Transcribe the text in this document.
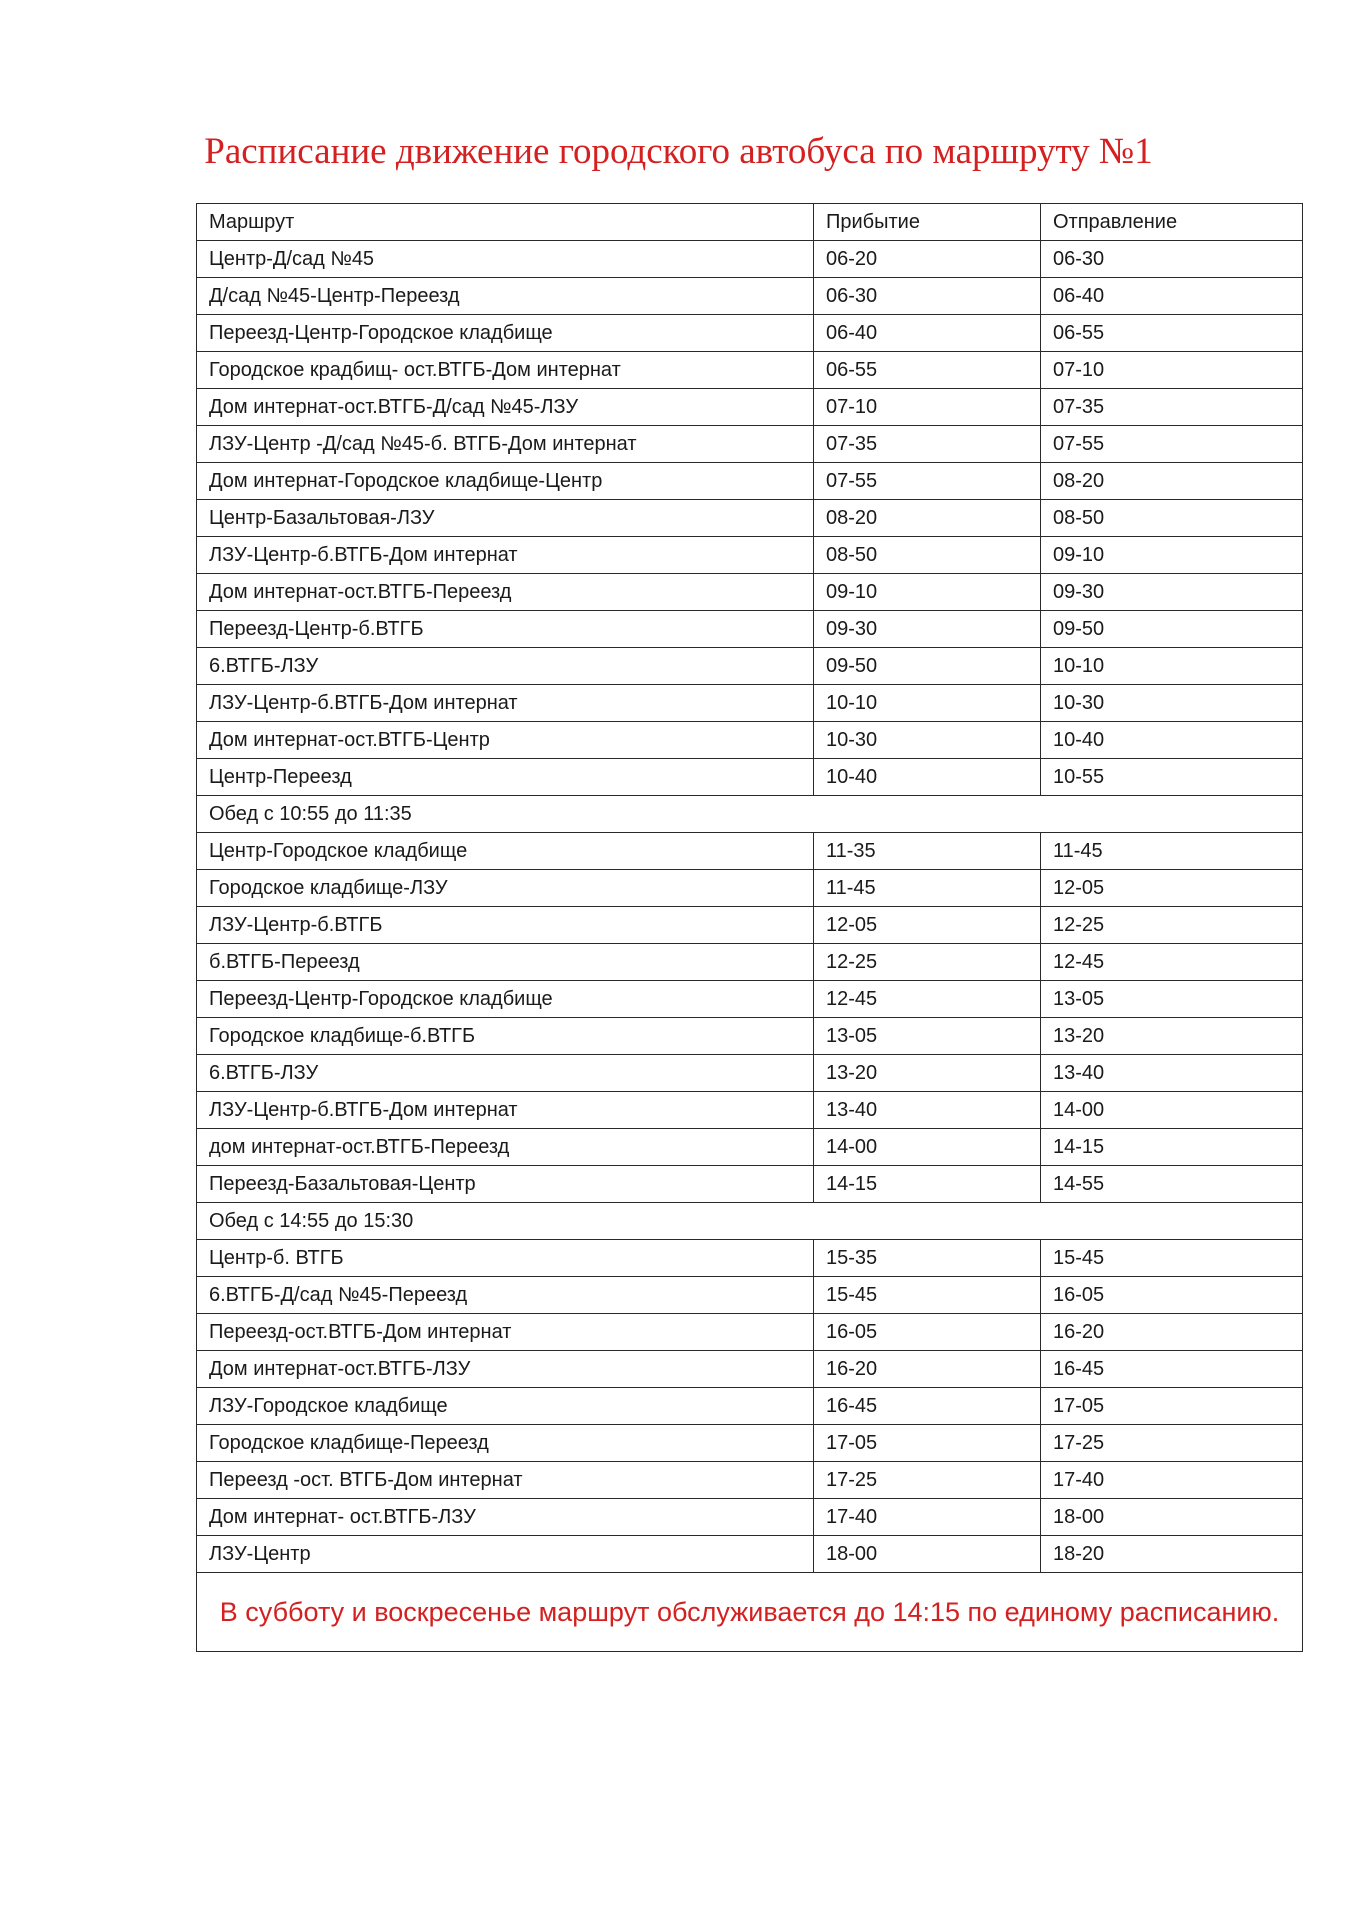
Расписание движение городского автобуса по маршруту №1
Маршрут	Прибытие	Отправление
Центр-Д/сад №45	06-20	06-30
Д/сад №45-Центр-Переезд	06-30	06-40
Переезд-Центр-Городское кладбище	06-40	06-55
Городское крадбищ- ост.ВТГБ-Дом интернат	06-55	07-10
Дом интернат-ост.ВТГБ-Д/сад №45-ЛЗУ	07-10	07-35
ЛЗУ-Центр -Д/сад №45-б. ВТГБ-Дом интернат	07-35	07-55
Дом интернат-Городское кладбище-Центр	07-55	08-20
Центр-Базальтовая-ЛЗУ	08-20	08-50
ЛЗУ-Центр-б.ВТГБ-Дом интернат	08-50	09-10
Дом интернат-ост.ВТГБ-Переезд	09-10	09-30
Переезд-Центр-б.ВТГБ	09-30	09-50
6.ВТГБ-ЛЗУ	09-50	10-10
ЛЗУ-Центр-б.ВТГБ-Дом интернат	10-10	10-30
Дом интернат-ост.ВТГБ-Центр	10-30	10-40
Центр-Переезд	10-40	10-55
Обед с 10:55 до 11:35		
Центр-Городское кладбище	11-35	11-45
Городское кладбище-ЛЗУ	11-45	12-05
ЛЗУ-Центр-б.ВТГБ	12-05	12-25
б.ВТГБ-Переезд	12-25	12-45
Переезд-Центр-Городское кладбище	12-45	13-05
Городское кладбище-б.ВТГБ	13-05	13-20
6.ВТГБ-ЛЗУ	13-20	13-40
ЛЗУ-Центр-б.ВТГБ-Дом интернат	13-40	14-00
дом интернат-ост.ВТГБ-Переезд	14-00	14-15
Переезд-Базальтовая-Центр	14-15	14-55
Обед с 14:55 до 15:30		
Центр-б. ВТГБ	15-35	15-45
6.ВТГБ-Д/сад №45-Переезд	15-45	16-05
Переезд-ост.ВТГБ-Дом интернат	16-05	16-20
Дом интернат-ост.ВТГБ-ЛЗУ	16-20	16-45
ЛЗУ-Городское кладбище	16-45	17-05
Городское кладбище-Переезд	17-05	17-25
Переезд -ост. ВТГБ-Дом интернат	17-25	17-40
Дом интернат- ост.ВТГБ-ЛЗУ	17-40	18-00
ЛЗУ-Центр	18-00	18-20
В субботу и воскресенье маршрут обслуживается до 14:15 по единому расписанию.		
